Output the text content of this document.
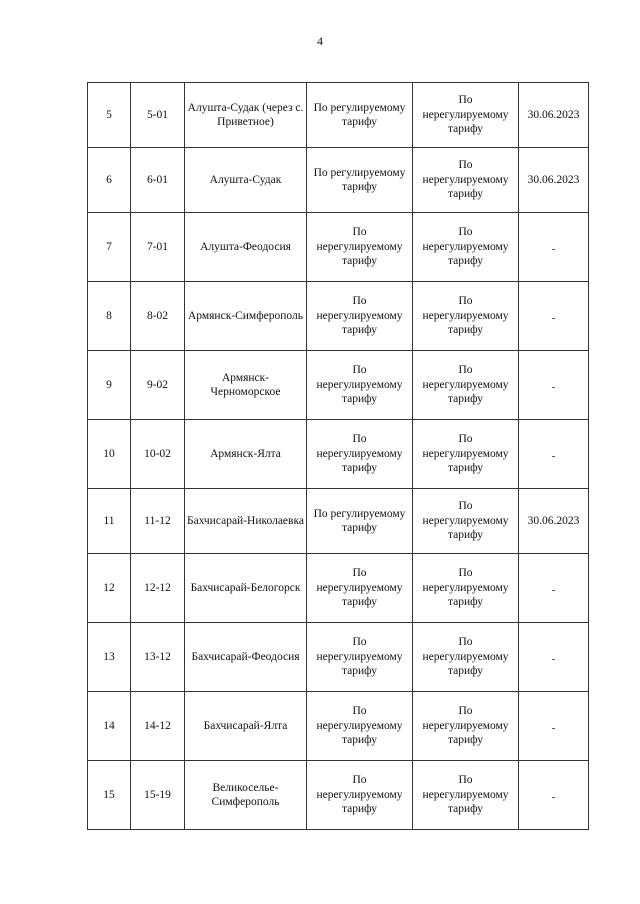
4
5	5-01	Алушта-Судак (через с. Приветное)	По регулируемому тарифу	По нерегулируемому тарифу	30.06.2023
6	6-01	Алушта-Судак	По регулируемому тарифу	По нерегулируемому тарифу	30.06.2023
7	7-01	Алушта-Феодосия	По нерегулируемому тарифу	По нерегулируемому тарифу	-
8	8-02	Армянск-Симферополь	По нерегулируемому тарифу	По нерегулируемому тарифу	-
9	9-02	Армянск-Черноморское	По нерегулируемому тарифу	По нерегулируемому тарифу	-
10	10-02	Армянск-Ялта	По нерегулируемому тарифу	По нерегулируемому тарифу	-
11	11-12	Бахчисарай-Николаевка	По регулируемому тарифу	По нерегулируемому тарифу	30.06.2023
12	12-12	Бахчисарай-Белогорск	По нерегулируемому тарифу	По нерегулируемому тарифу	-
13	13-12	Бахчисарай-Феодосия	По нерегулируемому тарифу	По нерегулируемому тарифу	-
14	14-12	Бахчисарай-Ялта	По нерегулируемому тарифу	По нерегулируемому тарифу	-
15	15-19	Великоселье-Симферополь	По нерегулируемому тарифу	По нерегулируемому тарифу	-
